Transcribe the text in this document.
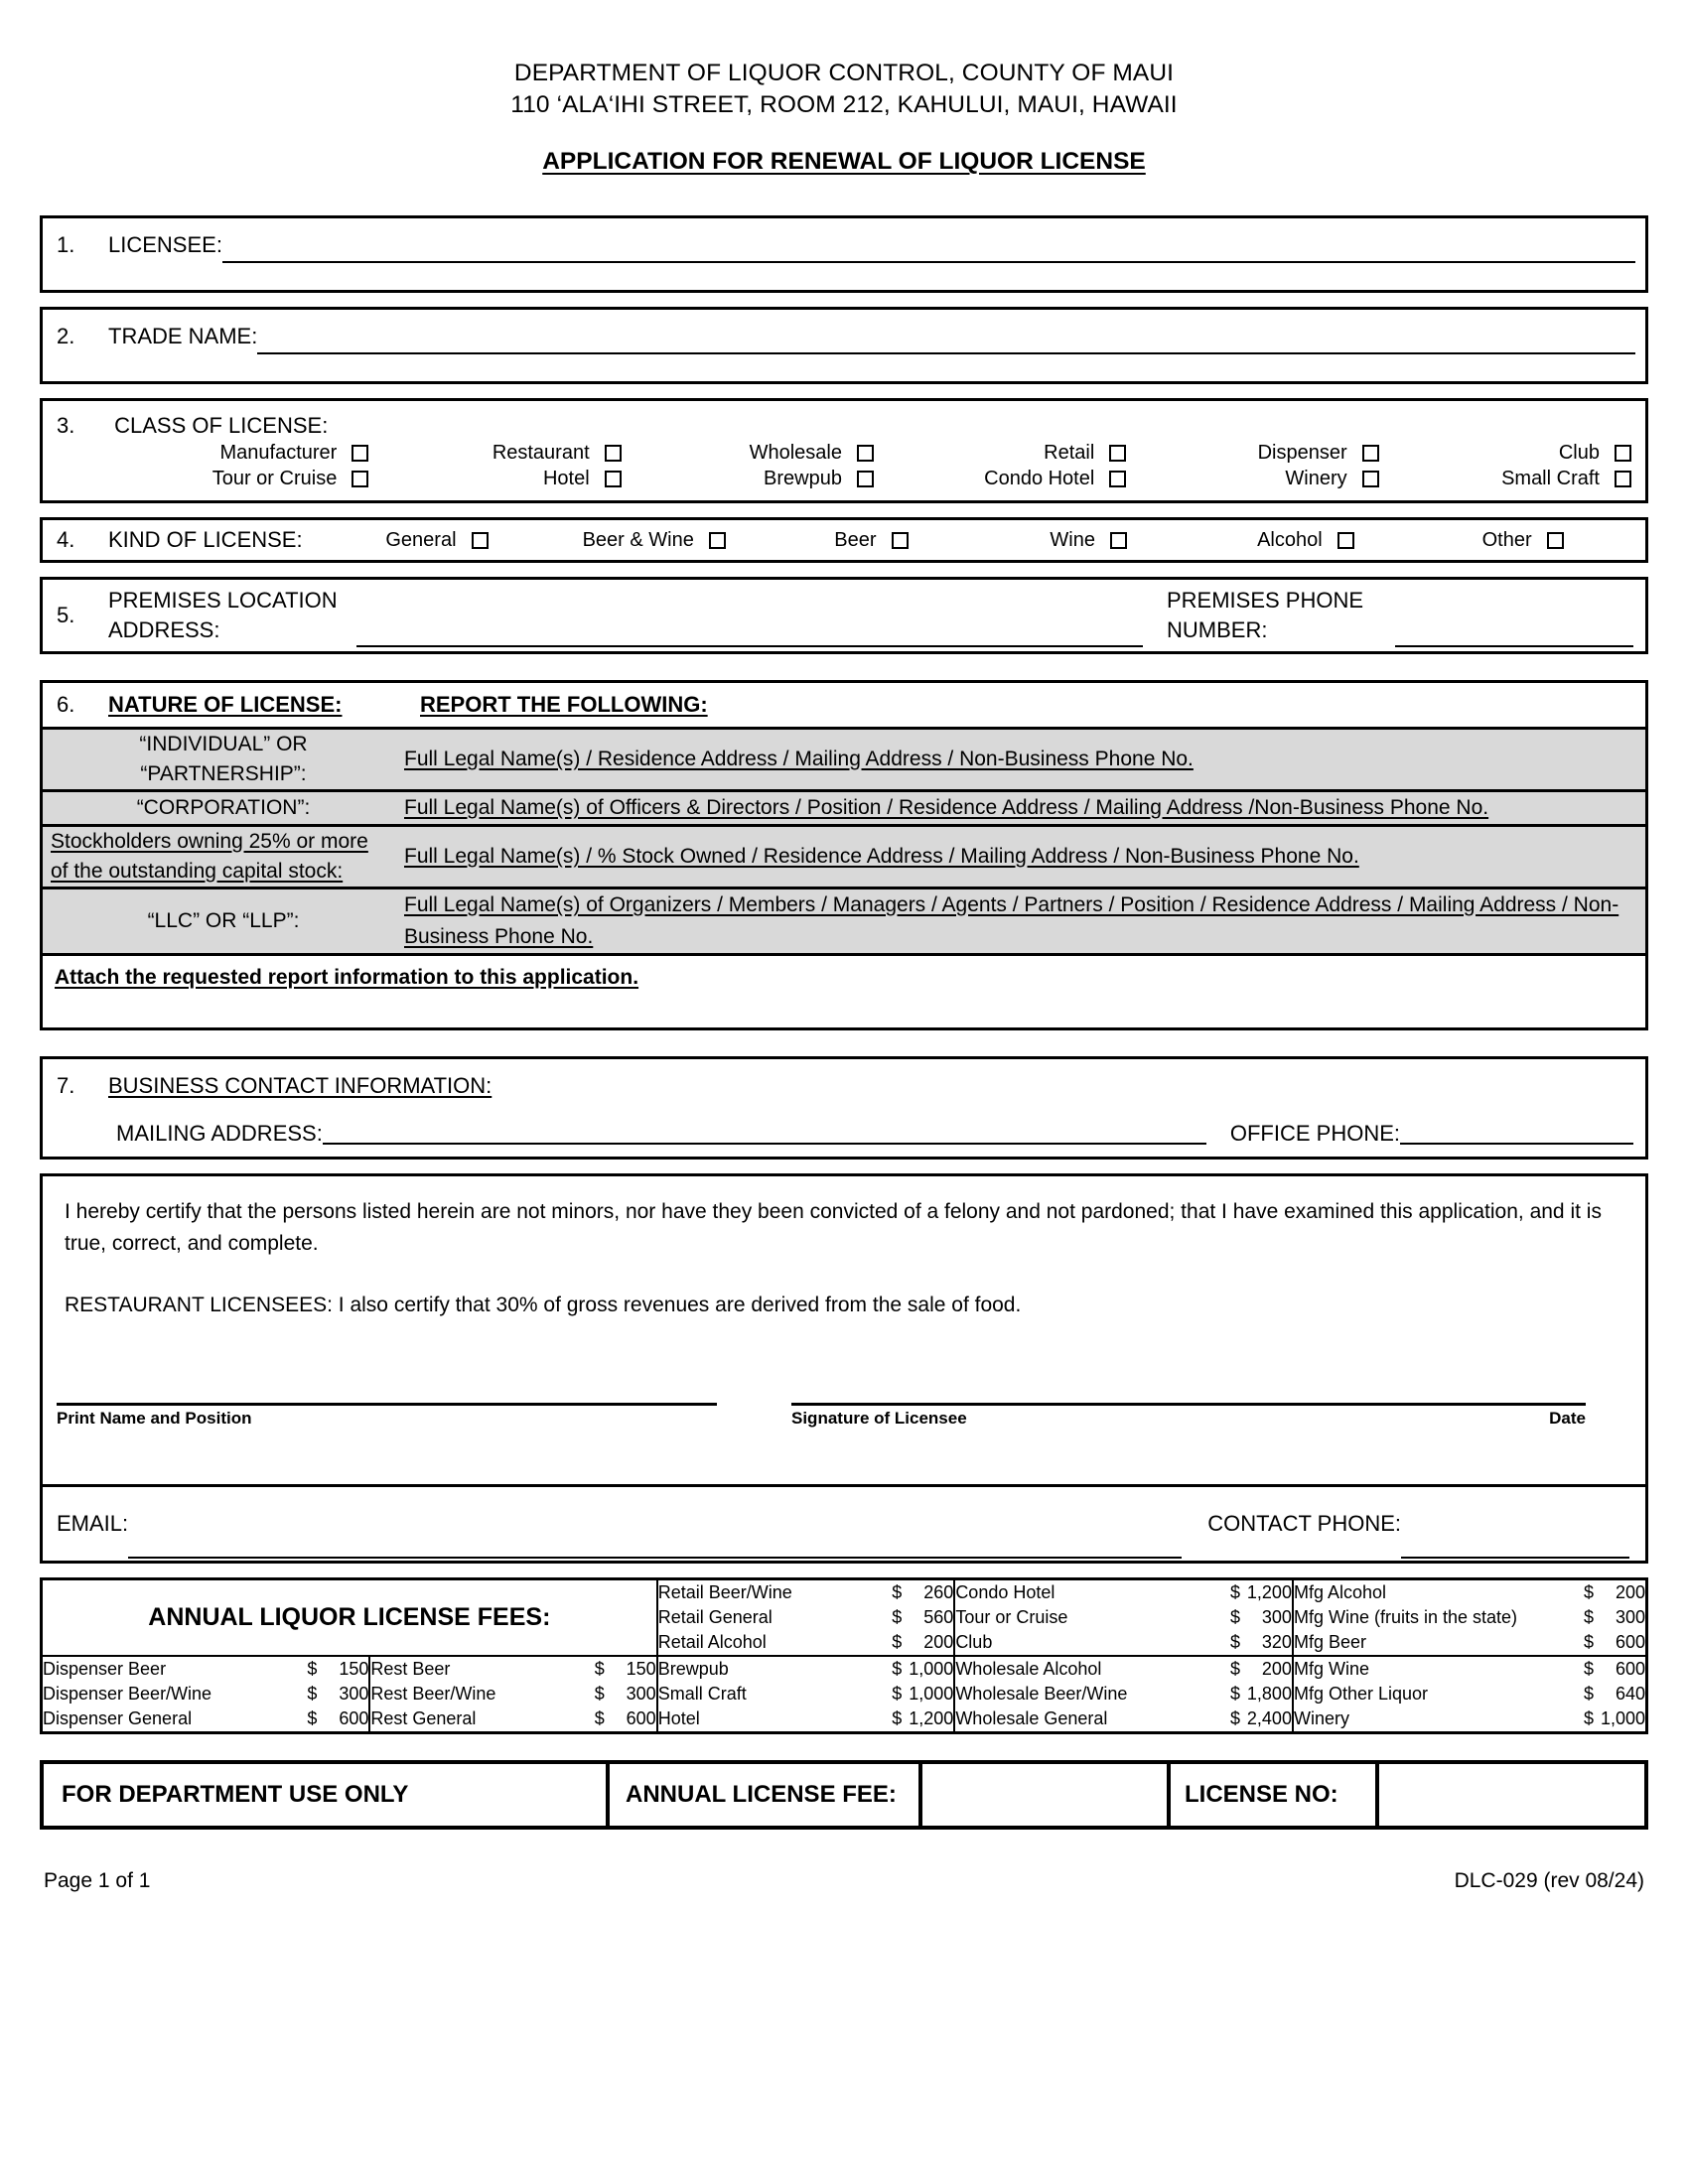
DEPARTMENT OF LIQUOR CONTROL, COUNTY OF MAUI
110 ‘ALA‘IHI STREET, ROOM 212, KAHULUI, MAUI, HAWAII
APPLICATION FOR RENEWAL OF LIQUOR LICENSE
1.	LICENSEE:
2.	TRADE NAME:
3. CLASS OF LICENSE:
Manufacturer	Restaurant	Wholesale	Retail	Dispenser	Club
Tour or Cruise	Hotel	Brewpub	Condo Hotel	Winery	Small Craft
4.	KIND OF LICENSE:	General	Beer & Wine	Beer	Wine	Alcohol	Other
5.
PREMISES LOCATION
ADDRESS:
PREMISES PHONE
NUMBER:
6. NATURE OF LICENSE:	REPORT THE FOLLOWING:
“INDIVIDUAL” OR
“PARTNERSHIP”:	Full Legal Name(s) / Residence Address / Mailing Address / Non-Business Phone No.
“CORPORATION”:	Full Legal Name(s) of Officers & Directors / Position / Residence Address / Mailing Address /Non-Business Phone No.
Stockholders owning 25% or more
of the outstanding capital stock:	Full Legal Name(s) / % Stock Owned / Residence Address / Mailing Address / Non-Business Phone No.
“LLC” OR “LLP”:	Full Legal Name(s) of Organizers / Members / Managers / Agents / Partners / Position / Residence Address / Mailing Address / Non-Business Phone No.
Attach the requested report information to this application.	
7. BUSINESS CONTACT INFORMATION:
MAILING ADDRESS:	OFFICE PHONE:

I hereby certify that the persons listed herein are not minors, nor have they been convicted of a felony and not pardoned; that I have examined this application, and it is true, correct, and complete.

RESTAURANT LICENSEES: I also certify that 30% of gross revenues are derived from the sale of food.

Print Name and Position	Signature of Licensee	Date
EMAIL:	CONTACT PHONE:
ANNUAL LIQUOR LICENSE FEES:

Retail Beer/Wine	$ 260
Retail General	$ 560
Retail Alcohol	$ 200

Condo Hotel	$ 1,200
Tour or Cruise	$ 300
Club	$ 320

Mfg Alcohol	$ 200
Mfg Wine (fruits in the state)	$ 300
Mfg Beer	$ 600

Dispenser Beer	$ 150
Dispenser Beer/Wine	$ 300
Dispenser General	$ 600

Rest Beer	$ 150
Rest Beer/Wine	$ 300
Rest General	$ 600

Brewpub	$ 1,000
Small Craft	$ 1,000
Hotel	$ 1,200

Wholesale Alcohol	$ 200
Wholesale Beer/Wine	$ 1,800
Wholesale General	$ 2,400

Mfg Wine	$ 600
Mfg Other Liquor	$ 640
Winery	$ 1,000
FOR DEPARTMENT USE ONLY	ANNUAL LICENSE FEE:	LICENSE NO:
Page 1 of 1	DLC-029 (rev 08/24)
